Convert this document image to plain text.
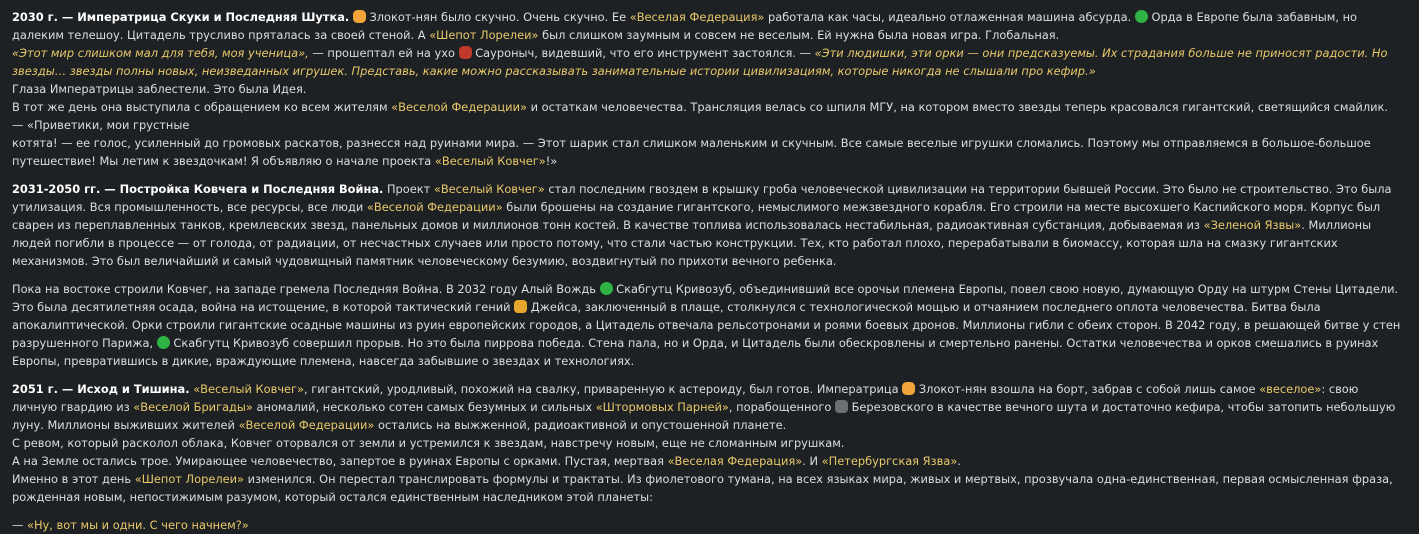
2030 г. — Императрица Скуки и Последняя Шутка.  Злокот-нян было скучно. Очень скучно. Ее «Веселая Федерация» работала как часы, идеально отлаженная машина абсурда.  Орда в Европе была забавным, но далеким телешоу. Цитадель трусливо пряталась за своей стеной. А «Шепот Лорелеи» был слишком заумным и совсем не веселым. Ей нужна была новая игра. Глобальная.

«Этот мир слишком мал для тебя, моя ученица», — прошептал ей на ухо  Сауроныч, видевший, что его инструмент застоялся. — «Эти людишки, эти орки — они предсказуемы. Их страдания больше не приносят радости. Но звезды… звезды полны новых, неизведанных игрушек. Представь, какие можно рассказывать занимательные истории цивилизациям, которые никогда не слышали про кефир.»

Глаза Императрицы заблестели. Это была Идея.

В тот же день она выступила с обращением ко всем жителям «Веселой Федерации» и остаткам человечества. Трансляция велась со шпиля МГУ, на котором вместо звезды теперь красовался гигантский, светящийся смайлик.

— «Приветики, мои грустные

котята! — ее голос, усиленный до громовых раскатов, разнесся над руинами мира. — Этот шарик стал слишком маленьким и скучным. Все самые веселые игрушки сломались. Поэтому мы отправляемся в большое-большое путешествие! Мы летим к звездочкам! Я объявляю о начале проекта «Веселый Ковчег»!»

2031-2050 гг. — Постройка Ковчега и Последняя Война. Проект «Веселый Ковчег» стал последним гвоздем в крышку гроба человеческой цивилизации на территории бывшей России. Это было не строительство. Это была утилизация. Вся промышленность, все ресурсы, все люди «Веселой Федерации» были брошены на создание гигантского, немыслимого межзвездного корабля. Его строили на месте высохшего Каспийского моря. Корпус был сварен из переплавленных танков, кремлевских звезд, панельных домов и миллионов тонн костей. В качестве топлива использовалась нестабильная, радиоактивная субстанция, добываемая из «Зеленой Язвы». Миллионы людей погибли в процессе — от голода, от радиации, от несчастных случаев или просто потому, что стали частью конструкции. Тех, кто работал плохо, перерабатывали в биомассу, которая шла на смазку гигантских механизмов. Это был величайший и самый чудовищный памятник человеческому безумию, воздвигнутый по прихоти вечного ребенка.

Пока на востоке строили Ковчег, на западе гремела Последняя Война. В 2032 году Алый Вождь  Скабгутц Кривозуб, объединивший все орочьи племена Европы, повел свою новую, думающую Орду на штурм Стены Цитадели. Это была десятилетняя осада, война на истощение, в которой тактический гений  Джейса, заключенный в плаще, столкнулся с технологической мощью и отчаянием последнего оплота человечества. Битва была апокалиптической. Орки строили гигантские осадные машины из руин европейских городов, а Цитадель отвечала рельсотронами и роями боевых дронов. Миллионы гибли с обеих сторон. В 2042 году, в решающей битве у стен разрушенного Парижа,  Скабгутц Кривозуб совершил прорыв. Но это была пиррова победа. Стена пала, но и Орда, и Цитадель были обескровлены и смертельно ранены. Остатки человечества и орков смешались в руинах Европы, превратившись в дикие, враждующие племена, навсегда забывшие о звездах и технологиях.

2051 г. — Исход и Тишина. «Веселый Ковчег», гигантский, уродливый, похожий на свалку, приваренную к астероиду, был готов. Императрица  Злокот-нян взошла на борт, забрав с собой лишь самое «веселое»: свою личную гвардию из «Веселой Бригады» аномалий, несколько сотен самых безумных и сильных «Штормовых Парней», порабощенного  Березовского в качестве вечного шута и достаточно кефира, чтобы затопить небольшую луну. Миллионы выживших жителей «Веселой Федерации» остались на выжженной, радиоактивной и опустошенной планете.

С ревом, который расколол облака, Ковчег оторвался от земли и устремился к звездам, навстречу новым, еще не сломанным игрушкам.

А на Земле остались трое. Умирающее человечество, запертое в руинах Европы с орками. Пустая, мертвая «Веселая Федерация». И «Петербургская Язва».

Именно в этот день «Шепот Лорелеи» изменился. Он перестал транслировать формулы и трактаты. Из фиолетового тумана, на всех языках мира, живых и мертвых, прозвучала одна-единственная, первая осмысленная фраза, рожденная новым, непостижимым разумом, который остался единственным наследником этой планеты:

— «Ну, вот мы и одни. С чего начнем?»
